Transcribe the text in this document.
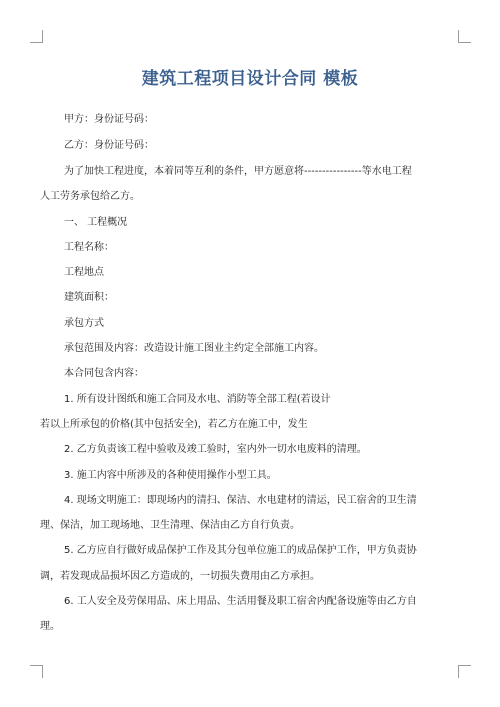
建筑工程项目设计合同 模板
甲方：身份证号码：
乙方：身份证号码：
为了加快工程进度，本着同等互利的条件，甲方愿意将----------------等水电工程
人工劳务承包给乙方。
一、 工程概况
工程名称：
工程地点
建筑面积：
承包方式
承包范围及内容：改造设计施工图业主约定全部施工内容。
本合同包含内容：
1. 所有设计图纸和施工合同及水电、消防等全部工程(若设计
若以上所承包的价格(其中包括安全)，若乙方在施工中，发生
2. 乙方负责该工程中验收及竣工验时，室内外一切水电废料的清理。
3. 施工内容中所涉及的各种使用操作小型工具。
4. 现场文明施工：即现场内的清扫、保洁、水电建材的清运，民工宿舍的卫生清
理、保洁，加工现场地、卫生清理、保洁由乙方自行负责。
5. 乙方应自行做好成品保护工作及其分包单位施工的成品保护工作，甲方负责协
调，若发现成品损坏因乙方造成的，一切损失费用由乙方承担。
6. 工人安全及劳保用品、床上用品、生活用餐及职工宿舍内配备设施等由乙方自
理。
